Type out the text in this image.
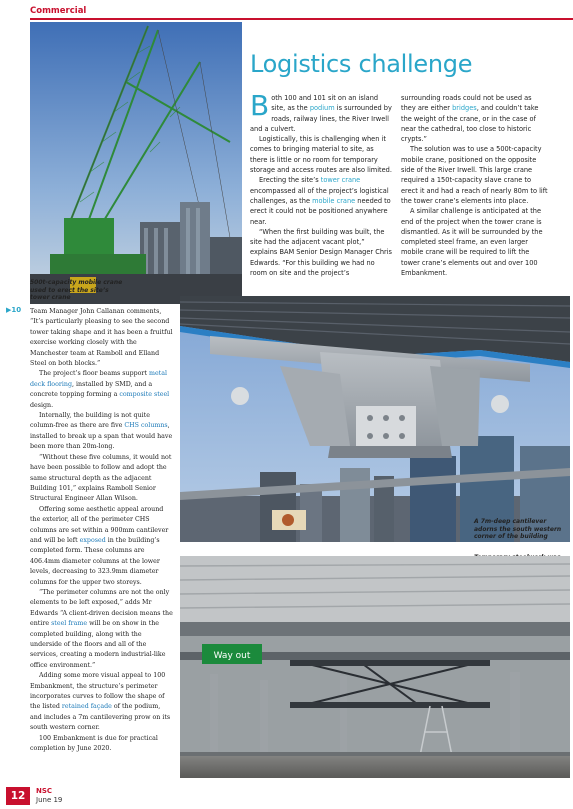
Commercial
500t-capacity mobile crane used to erect the site’s tower crane
Logistics challenge

Both 100 and 101 sit on an island site, as the podium is surrounded by roads, railway lines, the River Irwell and a culvert.

Logistically, this is challenging when it comes to bringing material to site, as there is little or no room for temporary storage and access routes are also limited.

Erecting the site’s tower crane encompassed all of the project’s logistical challenges, as the mobile crane needed to erect it could not be positioned anywhere near.

“When the first building was built, the site had the adjacent vacant plot,” explains BAM Senior Design Manager Chris Edwards. “For this building we had no room on site and the project’s

surrounding roads could not be used as they are either bridges, and couldn’t take the weight of the crane, or in the case of near the cathedral, too close to historic crypts.”

The solution was to use a 500t-capacity mobile crane, positioned on the opposite side of the River Irwell. This large crane required a 150t-capacity slave crane to erect it and had a reach of nearly 80m to lift the tower crane’s elements into place.

A similar challenge is anticipated at the end of the project when the tower crane is dismantled. As it will be surrounded by the completed steel frame, an even larger mobile crane will be required to lift the tower crane’s elements out and over 100 Embankment.

▶10 Team Manager John Callanan comments, “It’s particularly pleasing to see the second tower taking shape and it has been a fruitful exercise working closely with the Manchester team at Ramboll and Elland Steel on both blocks.”

The project’s floor beams support metal deck flooring, installed by SMD, and a concrete topping forming a composite steel design.

Internally, the building is not quite column-free as there are five CHS columns, installed to break up a span that would have been more than 20m-long.

“Without these five columns, it would not have been possible to follow and adopt the same structural depth as the adjacent Building 101,” explains Ramboll Senior Structural Engineer Allan Wilson.

Offering some aesthetic appeal around the exterior, all of the perimeter CHS columns are set within a 900mm cantilever and will be left exposed in the building’s completed form. These columns are 406.4mm diameter columns at the lower levels, decreasing to 323.9mm diameter columns for the upper two storeys.

“The perimeter columns are not the only elements to be left exposed,” adds Mr Edwards “A client-driven decision means the entire steel frame will be on show in the completed building, along with the underside of the floors and all of the services, creating a modern industrial-like office environment.”

Adding some more visual appeal to 100 Embankment, the structure’s perimeter incorporates curves to follow the shape of the listed retained façade of the podium, and includes a 7m cantilevering prow on its south western corner.

100 Embankment is due for practical completion by June 2020.

A 7m-deep cantilever adorns the south western corner of the building
Way out
12	NSC
June 19
